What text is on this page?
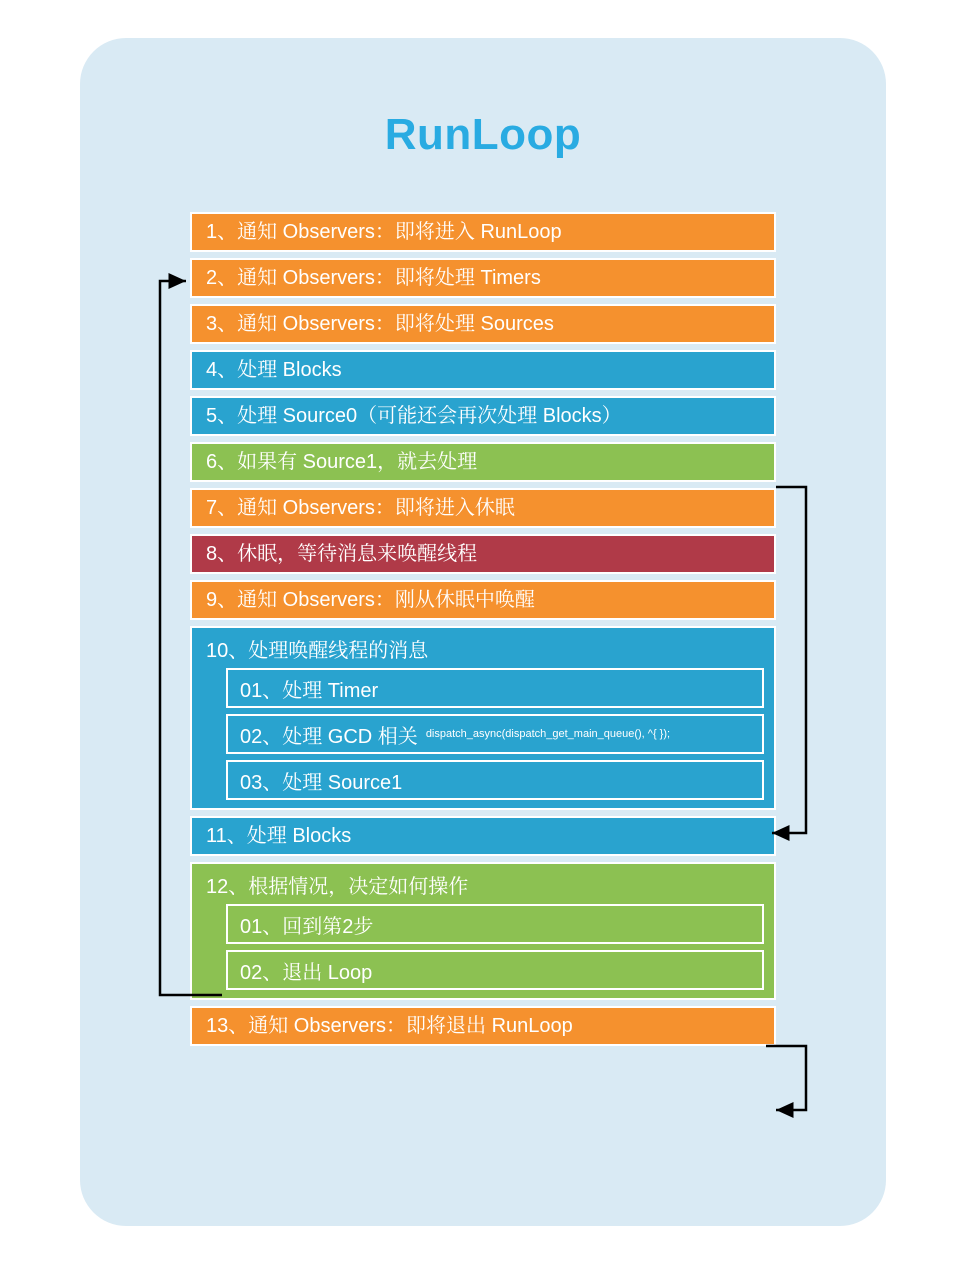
RunLoop
1、通知 Observers：即将进入 RunLoop
2、通知 Observers：即将处理 Timers
3、通知 Observers：即将处理 Sources
4、处理 Blocks
5、处理 Source0（可能还会再次处理 Blocks）
6、如果有 Source1，就去处理
7、通知 Observers：即将进入休眠
8、休眠，等待消息来唤醒线程
9、通知 Observers：刚从休眠中唤醒
10、处理唤醒线程的消息
01、处理 Timer
02、处理 GCD 相关 dispatch_async(dispatch_get_main_queue(), ^{ });
03、处理 Source1
11、处理 Blocks
12、根据情况，决定如何操作
01、回到第2步
02、退出 Loop
13、通知 Observers：即将退出 RunLoop
